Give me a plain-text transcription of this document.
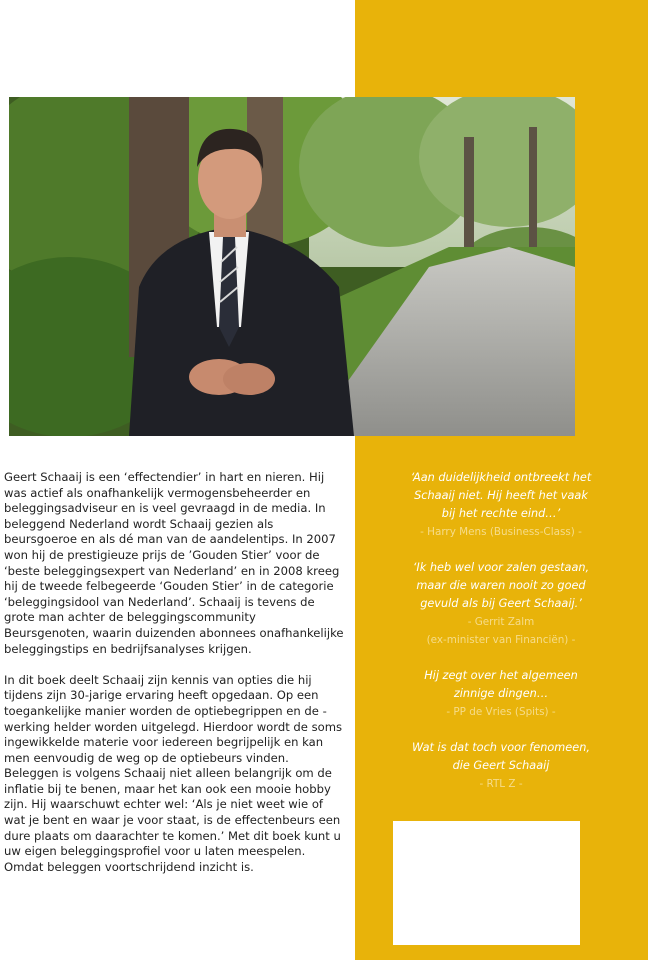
Geert Schaaij is een ‘effectendier’ in hart en nieren. Hij was actief als onafhankelijk vermogensbeheerder en beleggingsadviseur en is veel gevraagd in de media. In beleggend Nederland wordt Schaaij gezien als beursgoeroe en als dé man van de aandelentips. In 2007 won hij de prestigieuze prijs de ’Gouden Stier’ voor de ‘beste beleggingsexpert van Nederland’ en in 2008 kreeg hij de tweede felbegeerde ‘Gouden Stier’ in de categorie ‘beleggingsidool van Nederland’. Schaaij is tevens de grote man achter de beleggingscommunity Beursgenoten, waarin duizenden abonnees onafhankelijke beleggingstips en bedrijfsanalyses krijgen.

In dit boek deelt Schaaij zijn kennis van opties die hij tijdens zijn 30-jarige ervaring heeft opgedaan. Op een toegankelijke manier worden de optiebegrippen en de -werking helder worden uitgelegd. Hierdoor wordt de soms ingewikkelde materie voor iedereen begrijpelijk en kan men eenvoudig de weg op de optiebeurs vinden.

Beleggen is volgens Schaaij niet alleen belangrijk om de inflatie bij te benen, maar het kan ook een mooie hobby zijn. Hij waarschuwt echter wel: ‘Als je niet weet wie of wat je bent en waar je voor staat, is de effectenbeurs een dure plaats om daarachter te komen.’ Met dit boek kunt u uw eigen beleggingsprofiel voor u laten meespelen. Omdat beleggen voortschrijdend inzicht is.

‘Aan duidelijkheid ontbreekt het

Schaaij niet. Hij heeft het vaak

bij het rechte eind…’

- Harry Mens (Business-Class) -

‘Ik heb wel voor zalen gestaan,

maar die waren nooit zo goed

gevuld als bij Geert Schaaij.’

- Gerrit Zalm

(ex-minister van Financiën) -

Hij zegt over het algemeen

zinnige dingen…

- PP de Vries (Spits) -

Wat is dat toch voor fenomeen,

die Geert Schaaij

- RTL Z -
